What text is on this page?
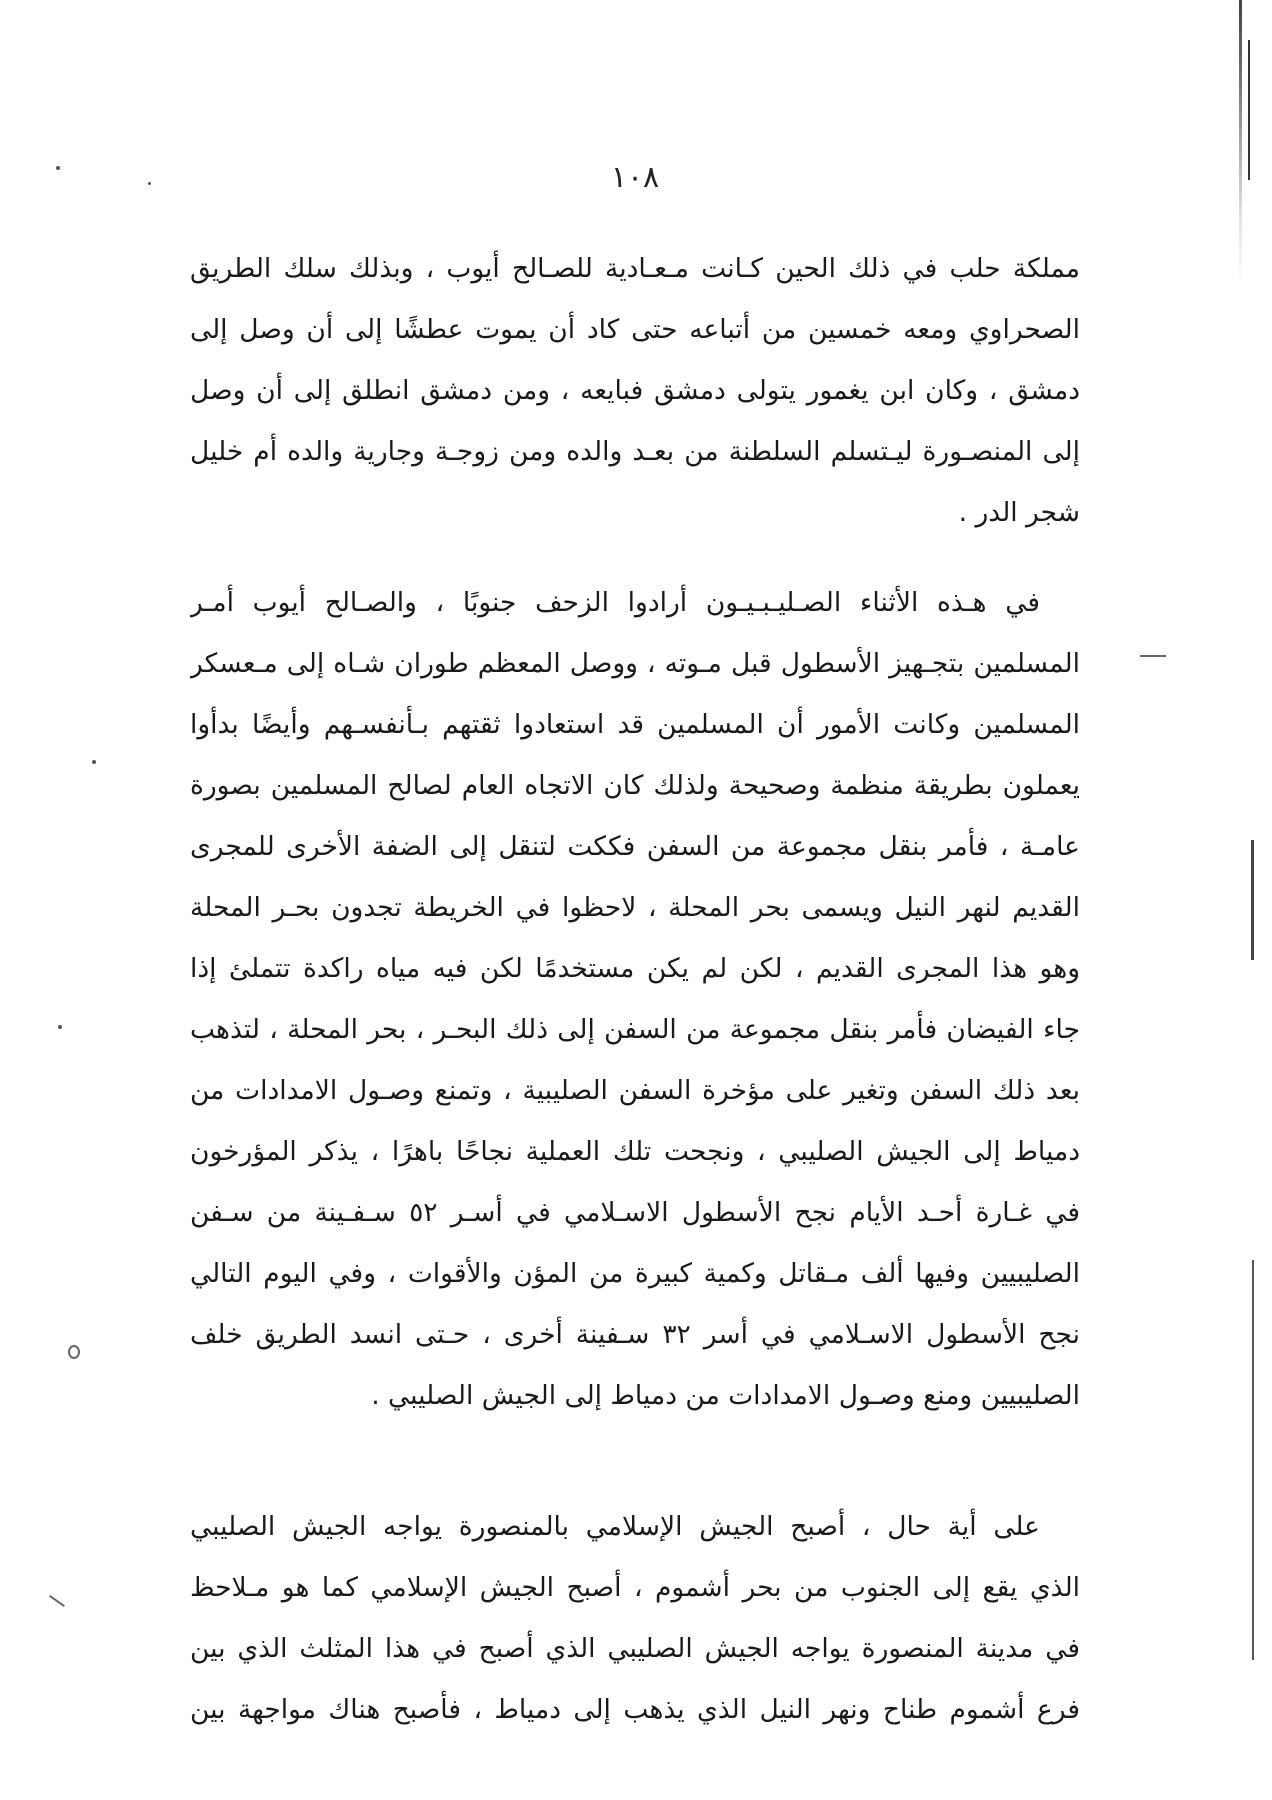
١٠٨
مملكة حلب في ذلك الحين كـانت مـعـادية للصـالح أيوب ، وبذلك سلك الطريق
الصحراوي ومعه خمسين من أتباعه حتى كاد أن يموت عطشًا إلى أن وصل إلى
دمشق ، وكان ابن يغمور يتولى دمشق فبايعه ، ومن دمشق انطلق إلى أن وصل
إلى المنصـورة ليـتسلم السلطنة من بعـد والده ومن زوجـة وجارية والده أم خليل
شجر الدر .
في هـذه الأثناء الصـليـبـيـون أرادوا الزحف جنوبًا ، والصـالح أيوب أمـر
المسلمين بتجـهيز الأسطول قبل مـوته ، ووصل المعظم طوران شـاه إلى مـعسكر
المسلمين وكانت الأمور أن المسلمين قد استعادوا ثقتهم بـأنفسـهم وأيضًا بدأوا
يعملون بطريقة منظمة وصحيحة ولذلك كان الاتجاه العام لصالح المسلمين بصورة
عامـة ، فأمر بنقل مجموعة من السفن فككت لتنقل إلى الضفة الأخرى للمجرى
القديم لنهر النيل ويسمى بحر المحلة ، لاحظوا في الخريطة تجدون بحـر المحلة
وهو هذا المجرى القديم ، لكن لم يكن مستخدمًا لكن فيه مياه راكدة تتملئ إذا
جاء الفيضان فأمر بنقل مجموعة من السفن إلى ذلك البحـر ، بحر المحلة ، لتذهب
بعد ذلك السفن وتغير على مؤخرة السفن الصليبية ، وتمنع وصـول الامدادات من
دمياط إلى الجيش الصليبي ، ونجحت تلك العملية نجاحًا باهرًا ، يذكر المؤرخون
في غـارة أحـد الأيام نجح الأسطول الاسـلامي في أسـر ٥٢ سـفـينة من سـفن
الصليبيين وفيها ألف مـقاتل وكمية كبيرة من المؤن والأقوات ، وفي اليوم التالي
نجح الأسطول الاسـلامي في أسر ٣٢ سـفينة أخرى ، حـتى انسد الطريق خلف
الصليبيين ومنع وصـول الامدادات من دمياط إلى الجيش الصليبي .
على أية حال ، أصبح الجيش الإسلامي بالمنصورة يواجه الجيش الصليبي
الذي يقع إلى الجنوب من بحر أشموم ، أصبح الجيش الإسلامي كما هو مـلاحظ
في مدينة المنصورة يواجه الجيش الصليبي الذي أصبح في هذا المثلث الذي بين
فرع أشموم طناح ونهر النيل الذي يذهب إلى دمياط ، فأصبح هناك مواجهة بين
